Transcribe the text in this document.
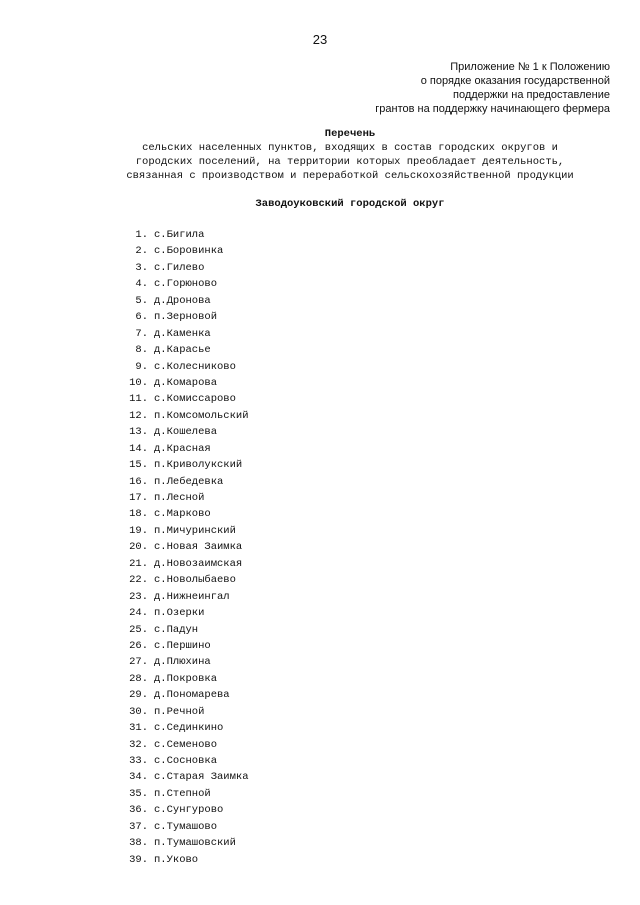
23
Приложение № 1 к Положению
о порядке оказания государственной
поддержки на предоставление
грантов на поддержку начинающего фермера
Перечень
сельских населенных пунктов, входящих в состав городских округов и
городских поселений, на территории которых преобладает деятельность,
связанная с производством и переработкой сельскохозяйственной продукции
Заводоуковский городской округ
1. с.Бигила
2. с.Боровинка
3. с.Гилево
4. с.Горюново
5. д.Дронова
6. п.Зерновой
7. д.Каменка
8. д.Карасье
9. с.Колесниково
10. д.Комарова
11. с.Комиссарово
12. п.Комсомольский
13. д.Кошелева
14. д.Красная
15. п.Криволукский
16. п.Лебедевка
17. п.Лесной
18. с.Марково
19. п.Мичуринский
20. с.Новая Заимка
21. д.Новозаимская
22. с.Новолыбаево
23. д.Нижнеингал
24. п.Озерки
25. с.Падун
26. с.Першино
27. д.Плюхина
28. д.Покровка
29. д.Пономарева
30. п.Речной
31. с.Сединкино
32. с.Семеново
33. с.Сосновка
34. с.Старая Заимка
35. п.Степной
36. с.Сунгурово
37. с.Тумашово
38. п.Тумашовский
39. п.Уково
